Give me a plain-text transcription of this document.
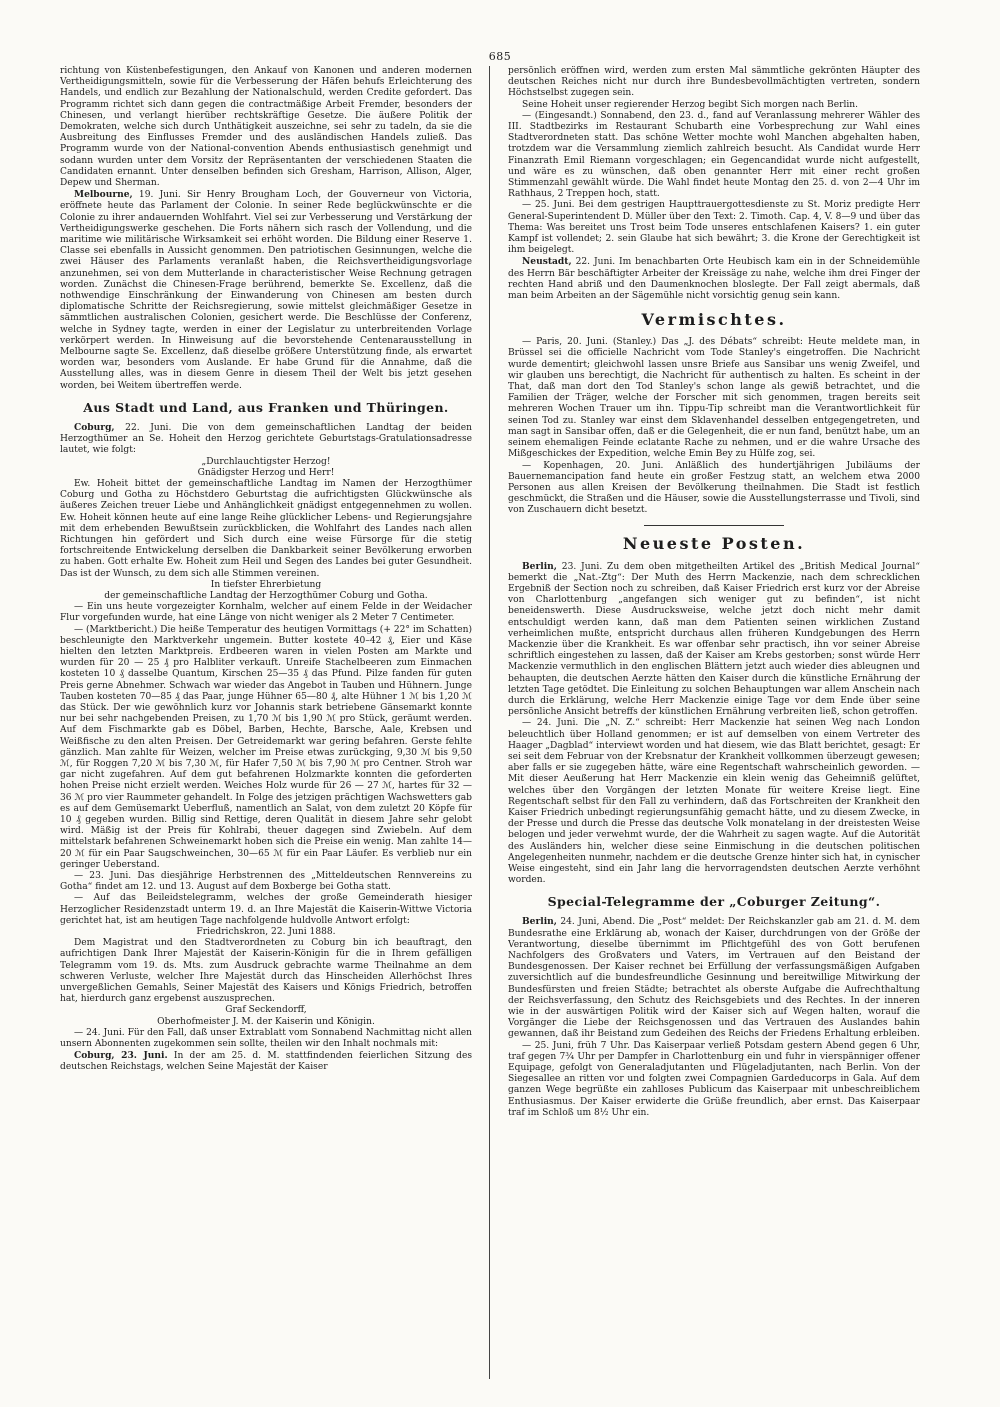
685

richtung von Küstenbefestigungen, den Ankauf von Kanonen und anderen modernen Vertheidigungsmitteln, sowie für die Verbesserung der Häfen behufs Erleichterung des Handels, und endlich zur Bezahlung der Nationalschuld, werden Credite gefordert. Das Programm richtet sich dann gegen die contractmäßige Arbeit Fremder, besonders der Chinesen, und verlangt hierüber rechtskräftige Gesetze. Die äußere Politik der Demokraten, welche sich durch Unthätigkeit auszeichne, sei sehr zu tadeln, da sie die Ausbreitung des Einflusses Fremder und des ausländischen Handels zuließ. Das Programm wurde von der National-convention Abends enthusiastisch genehmigt und sodann wurden unter dem Vorsitz der Repräsentanten der verschiedenen Staaten die Candidaten ernannt. Unter denselben befinden sich Gresham, Harrison, Allison, Alger, Depew und Sherman.

Melbourne, 19. Juni. Sir Henry Brougham Loch, der Gouverneur von Victoria, eröffnete heute das Parlament der Colonie. In seiner Rede beglückwünschte er die Colonie zu ihrer andauernden Wohlfahrt. Viel sei zur Verbesserung und Verstärkung der Vertheidigungswerke geschehen. Die Forts nähern sich rasch der Vollendung, und die maritime wie militärische Wirksamkeit sei erhöht worden. Die Bildung einer Reserve 1. Classe sei ebenfalls in Aussicht genommen. Den patriotischen Gesinnungen, welche die zwei Häuser des Parlaments veranlaßt haben, die Reichsvertheidigungsvorlage anzunehmen, sei von dem Mutterlande in characteristischer Weise Rechnung getragen worden. Zunächst die Chinesen-Frage berührend, bemerkte Se. Excellenz, daß die nothwendige Einschränkung der Einwanderung von Chinesen am besten durch diplomatische Schritte der Reichsregierung, sowie mittelst gleichmäßiger Gesetze in sämmtlichen australischen Colonien, gesichert werde. Die Beschlüsse der Conferenz, welche in Sydney tagte, werden in einer der Legislatur zu unterbreitenden Vorlage verkörpert werden. In Hinweisung auf die bevorstehende Centenarausstellung in Melbourne sagte Se. Excellenz, daß dieselbe größere Unterstützung finde, als erwartet worden war, besonders vom Auslande. Er habe Grund für die Annahme, daß die Ausstellung alles, was in diesem Genre in diesem Theil der Welt bis jetzt gesehen worden, bei Weitem übertreffen werde.

Aus Stadt und Land, aus Franken und Thüringen.

Coburg, 22. Juni. Die von dem gemeinschaftlichen Landtag der beiden Herzogthümer an Se. Hoheit den Herzog gerichtete Geburtstags-Gratulationsadresse lautet, wie folgt:

„Durchlauchtigster Herzog!

Gnädigster Herzog und Herr!

Ew. Hoheit bittet der gemeinschaftliche Landtag im Namen der Herzogthümer Coburg und Gotha zu Höchstdero Geburtstag die aufrichtigsten Glückwünsche als äußeres Zeichen treuer Liebe und Anhänglichkeit gnädigst entgegennehmen zu wollen. Ew. Hoheit können heute auf eine lange Reihe glücklicher Lebens- und Regierungsjahre mit dem erhebenden Bewußtsein zurückblicken, die Wohlfahrt des Landes nach allen Richtungen hin gefördert und Sich durch eine weise Fürsorge für die stetig fortschreitende Entwickelung derselben die Dankbarkeit seiner Bevölkerung erworben zu haben. Gott erhalte Ew. Hoheit zum Heil und Segen des Landes bei guter Gesundheit. Das ist der Wunsch, zu dem sich alle Stimmen vereinen.

In tiefster Ehrerbietung

der gemeinschaftliche Landtag der Herzogthümer Coburg und Gotha.

— Ein uns heute vorgezeigter Kornhalm, welcher auf einem Felde in der Weidacher Flur vorgefunden wurde, hat eine Länge von nicht weniger als 2 Meter 7 Centimeter.

— (Marktbericht.) Die heiße Temperatur des heutigen Vormittags (+ 22° im Schatten) beschleunigte den Marktverkehr ungemein. Butter kostete 40–42 ₰, Eier und Käse hielten den letzten Marktpreis. Erdbeeren waren in vielen Posten am Markte und wurden für 20 — 25 ₰ pro Halbliter verkauft. Unreife Stachelbeeren zum Einmachen kosteten 10 ₰ dasselbe Quantum, Kirschen 25—35 ₰ das Pfund. Pilze fanden für guten Preis gerne Abnehmer. Schwach war wieder das Angebot in Tauben und Hühnern. Junge Tauben kosteten 70—85 ₰ das Paar, junge Hühner 65—80 ₰, alte Hühner 1 ℳ bis 1,20 ℳ das Stück. Der wie gewöhnlich kurz vor Johannis stark betriebene Gänsemarkt konnte nur bei sehr nachgebenden Preisen, zu 1,70 ℳ bis 1,90 ℳ pro Stück, geräumt werden. Auf dem Fischmarkte gab es Döbel, Barben, Hechte, Barsche, Aale, Krebsen und Weißfische zu den alten Preisen. Der Getreidemarkt war gering befahren. Gerste fehlte gänzlich. Man zahlte für Weizen, welcher im Preise etwas zurückging, 9,30 ℳ bis 9,50 ℳ, für Roggen 7,20 ℳ bis 7,30 ℳ, für Hafer 7,50 ℳ bis 7,90 ℳ pro Centner. Stroh war gar nicht zugefahren. Auf dem gut befahrenen Holzmarkte konnten die geforderten hohen Preise nicht erzielt werden. Weiches Holz wurde für 26 — 27 ℳ, hartes für 32 — 36 ℳ pro vier Raummeter gehandelt. In Folge des jetzigen prächtigen Wachswetters gab es auf dem Gemüsemarkt Ueberfluß, namentlich an Salat, von dem zuletzt 20 Köpfe für 10 ₰ gegeben wurden. Billig sind Rettige, deren Qualität in diesem Jahre sehr gelobt wird. Mäßig ist der Preis für Kohlrabi, theuer dagegen sind Zwiebeln. Auf dem mittelstark befahrenen Schweinemarkt hoben sich die Preise ein wenig. Man zahlte 14—20 ℳ für ein Paar Saugschweinchen, 30—65 ℳ für ein Paar Läufer. Es verblieb nur ein geringer Ueberstand.

— 23. Juni. Das diesjährige Herbstrennen des „Mitteldeutschen Rennvereins zu Gotha“ findet am 12. und 13. August auf dem Boxberge bei Gotha statt.

— Auf das Beileidstelegramm, welches der große Gemeinderath hiesiger Herzoglicher Residenzstadt unterm 19. d. an Ihre Majestät die Kaiserin-Wittwe Victoria gerichtet hat, ist am heutigen Tage nachfolgende huldvolle Antwort erfolgt:

Friedrichskron, 22. Juni 1888.

Dem Magistrat und den Stadtverordneten zu Coburg bin ich beauftragt, den aufrichtigen Dank Ihrer Majestät der Kaiserin-Königin für die in Ihrem gefälligen Telegramm vom 19. ds. Mts. zum Ausdruck gebrachte warme Theilnahme an dem schweren Verluste, welcher Ihre Majestät durch das Hinscheiden Allerhöchst Ihres unvergeßlichen Gemahls, Seiner Majestät des Kaisers und Königs Friedrich, betroffen hat, hierdurch ganz ergebenst auszusprechen.

Graf Seckendorff,

Oberhofmeister J. M. der Kaiserin und Königin.

— 24. Juni. Für den Fall, daß unser Extrablatt vom Sonnabend Nachmittag nicht allen unsern Abonnenten zugekommen sein sollte, theilen wir den Inhalt nochmals mit:

Coburg, 23. Juni. In der am 25. d. M. stattfindenden feierlichen Sitzung des deutschen Reichstags, welchen Seine Majestät der Kaiser

persönlich eröffnen wird, werden zum ersten Mal sämmtliche gekrönten Häupter des deutschen Reiches nicht nur durch ihre Bundesbevollmächtigten vertreten, sondern Höchstselbst zugegen sein.

Seine Hoheit unser regierender Herzog begibt Sich morgen nach Berlin.

— (Eingesandt.) Sonnabend, den 23. d., fand auf Veranlassung mehrerer Wähler des III. Stadtbezirks im Restaurant Schubarth eine Vorbesprechung zur Wahl eines Stadtverordneten statt. Das schöne Wetter mochte wohl Manchen abgehalten haben, trotzdem war die Versammlung ziemlich zahlreich besucht. Als Candidat wurde Herr Finanzrath Emil Riemann vorgeschlagen; ein Gegencandidat wurde nicht aufgestellt, und wäre es zu wünschen, daß oben genannter Herr mit einer recht großen Stimmenzahl gewählt würde. Die Wahl findet heute Montag den 25. d. von 2—4 Uhr im Rathhaus, 2 Treppen hoch, statt.

— 25. Juni. Bei dem gestrigen Haupttrauergottesdienste zu St. Moriz predigte Herr General-Superintendent D. Müller über den Text: 2. Timoth. Cap. 4, V. 8—9 und über das Thema: Was bereitet uns Trost beim Tode unseres entschlafenen Kaisers? 1. ein guter Kampf ist vollendet; 2. sein Glaube hat sich bewährt; 3. die Krone der Gerechtigkeit ist ihm beigelegt.

Neustadt, 22. Juni. Im benachbarten Orte Heubisch kam ein in der Schneidemühle des Herrn Bär beschäftigter Arbeiter der Kreissäge zu nahe, welche ihm drei Finger der rechten Hand abriß und den Daumenknochen bloslegte. Der Fall zeigt abermals, daß man beim Arbeiten an der Sägemühle nicht vorsichtig genug sein kann.

Vermischtes.

— Paris, 20. Juni. (Stanley.) Das „J. des Débats“ schreibt: Heute meldete man, in Brüssel sei die officielle Nachricht vom Tode Stanley's eingetroffen. Die Nachricht wurde dementirt; gleichwohl lassen unsre Briefe aus Sansibar uns wenig Zweifel, und wir glauben uns berechtigt, die Nachricht für authentisch zu halten. Es scheint in der That, daß man dort den Tod Stanley's schon lange als gewiß betrachtet, und die Familien der Träger, welche der Forscher mit sich genommen, tragen bereits seit mehreren Wochen Trauer um ihn. Tippu-Tip schreibt man die Verantwortlichkeit für seinen Tod zu. Stanley war einst dem Sklavenhandel desselben entgegengetreten, und man sagt in Sansibar offen, daß er die Gelegenheit, die er nun fand, benützt habe, um an seinem ehemaligen Feinde eclatante Rache zu nehmen, und er die wahre Ursache des Mißgeschickes der Expedition, welche Emin Bey zu Hülfe zog, sei.

— Kopenhagen, 20. Juni. Anläßlich des hundertjährigen Jubiläums der Bauernemancipation fand heute ein großer Festzug statt, an welchem etwa 2000 Personen aus allen Kreisen der Bevölkerung theilnahmen. Die Stadt ist festlich geschmückt, die Straßen und die Häuser, sowie die Ausstellungsterrasse und Tivoli, sind von Zuschauern dicht besetzt.

Neueste Posten.

Berlin, 23. Juni. Zu dem oben mitgetheilten Artikel des „British Medical Journal“ bemerkt die „Nat.-Ztg“: Der Muth des Herrn Mackenzie, nach dem schrecklichen Ergebniß der Section noch zu schreiben, daß Kaiser Friedrich erst kurz vor der Abreise von Charlottenburg „angefangen sich weniger gut zu befinden“, ist nicht beneidenswerth. Diese Ausdrucksweise, welche jetzt doch nicht mehr damit entschuldigt werden kann, daß man dem Patienten seinen wirklichen Zustand verheimlichen mußte, entspricht durchaus allen früheren Kundgebungen des Herrn Mackenzie über die Krankheit. Es war offenbar sehr practisch, ihn vor seiner Abreise schriftlich eingestehen zu lassen, daß der Kaiser am Krebs gestorben; sonst würde Herr Mackenzie vermuthlich in den englischen Blättern jetzt auch wieder dies ableugnen und behaupten, die deutschen Aerzte hätten den Kaiser durch die künstliche Ernährung der letzten Tage getödtet. Die Einleitung zu solchen Behauptungen war allem Anschein nach durch die Erklärung, welche Herr Mackenzie einige Tage vor dem Ende über seine persönliche Ansicht betreffs der künstlichen Ernährung verbreiten ließ, schon getroffen.

— 24. Juni. Die „N. Z.“ schreibt: Herr Mackenzie hat seinen Weg nach London beleuchtlich über Holland genommen; er ist auf demselben von einem Vertreter des Haager „Dagblad“ interviewt worden und hat diesem, wie das Blatt berichtet, gesagt: Er sei seit dem Februar von der Krebsnatur der Krankheit vollkommen überzeugt gewesen; aber falls er sie zugegeben hätte, wäre eine Regentschaft wahrscheinlich geworden. — Mit dieser Aeußerung hat Herr Mackenzie ein klein wenig das Geheimniß gelüftet, welches über den Vorgängen der letzten Monate für weitere Kreise liegt. Eine Regentschaft selbst für den Fall zu verhindern, daß das Fortschreiten der Krankheit den Kaiser Friedrich unbedingt regierungsunfähig gemacht hätte, und zu diesem Zwecke, in der Presse und durch die Presse das deutsche Volk monatelang in der dreistesten Weise belogen und jeder verwehmt wurde, der die Wahrheit zu sagen wagte. Auf die Autorität des Ausländers hin, welcher diese seine Einmischung in die deutschen politischen Angelegenheiten nunmehr, nachdem er die deutsche Grenze hinter sich hat, in cynischer Weise eingesteht, sind ein Jahr lang die hervorragendsten deutschen Aerzte verhöhnt worden.

Special-Telegramme der „Coburger Zeitung“.

Berlin, 24. Juni, Abend. Die „Post“ meldet: Der Reichskanzler gab am 21. d. M. dem Bundesrathe eine Erklärung ab, wonach der Kaiser, durchdrungen von der Größe der Verantwortung, dieselbe übernimmt im Pflichtgefühl des von Gott berufenen Nachfolgers des Großvaters und Vaters, im Vertrauen auf den Beistand der Bundesgenossen. Der Kaiser rechnet bei Erfüllung der verfassungsmäßigen Aufgaben zuversichtlich auf die bundesfreundliche Gesinnung und bereitwillige Mitwirkung der Bundesfürsten und freien Städte; betrachtet als oberste Aufgabe die Aufrechthaltung der Reichsverfassung, den Schutz des Reichsgebiets und des Rechtes. In der inneren wie in der auswärtigen Politik wird der Kaiser sich auf Wegen halten, worauf die Vorgänger die Liebe der Reichsgenossen und das Vertrauen des Auslandes bahin gewannen, daß ihr Beistand zum Gedeihen des Reichs der Friedens Erhaltung erbleiben.

— 25. Juni, früh 7 Uhr. Das Kaiserpaar verließ Potsdam gestern Abend gegen 6 Uhr, traf gegen 7¾ Uhr per Dampfer in Charlottenburg ein und fuhr in vierspänniger offener Equipage, gefolgt von Generaladjutanten und Flügeladjutanten, nach Berlin. Von der Siegesallee an ritten vor und folgten zwei Compagnien Gardeducorps in Gala. Auf dem ganzen Wege begrüßte ein zahlloses Publicum das Kaiserpaar mit unbeschreiblichem Enthusiasmus. Der Kaiser erwiderte die Grüße freundlich, aber ernst. Das Kaiserpaar traf im Schloß um 8½ Uhr ein.
